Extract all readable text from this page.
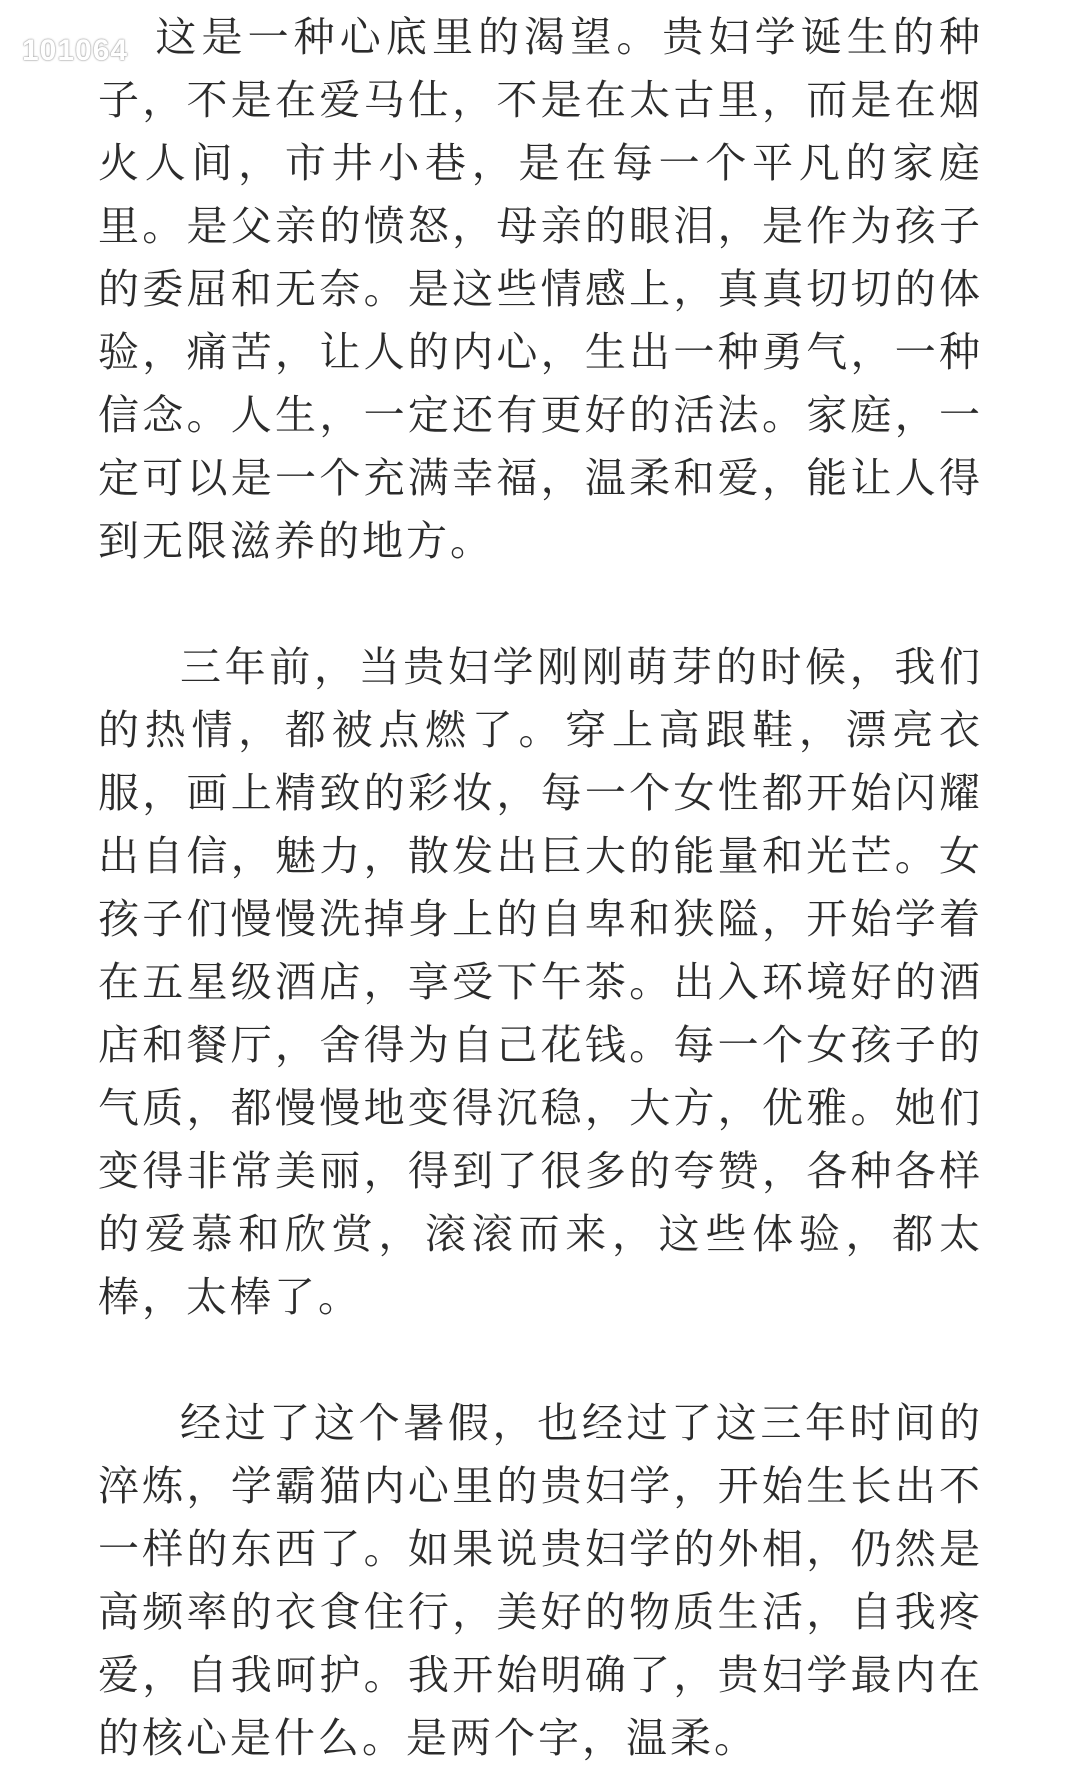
101064 这是一种心底里的渴望。贵妇学诞生的种子，不是在爱马仕，不是在太古里，而是在烟火人间，市井小巷，是在每一个平凡的家庭里。是父亲的愤怒，母亲的眼泪，是作为孩子的委屈和无奈。是这些情感上，真真切切的体验，痛苦，让人的内心，生出一种勇气，一种信念。人生，一定还有更好的活法。家庭，一定可以是一个充满幸福，温柔和爱，能让人得到无限滋养的地方。

三年前，当贵妇学刚刚萌芽的时候，我们的热情，都被点燃了。穿上高跟鞋，漂亮衣服，画上精致的彩妆，每一个女性都开始闪耀出自信，魅力，散发出巨大的能量和光芒。女孩子们慢慢洗掉身上的自卑和狭隘，开始学着在五星级酒店，享受下午茶。出入环境好的酒店和餐厅，舍得为自己花钱。每一个女孩子的气质，都慢慢地变得沉稳，大方，优雅。她们变得非常美丽，得到了很多的夸赞，各种各样的爱慕和欣赏，滚滚而来，这些体验，都太棒，太棒了。

经过了这个暑假，也经过了这三年时间的淬炼，学霸猫内心里的贵妇学，开始生长出不一样的东西了。如果说贵妇学的外相，仍然是高频率的衣食住行，美好的物质生活，自我疼爱，自我呵护。我开始明确了，贵妇学最内在的核心是什么。是两个字，温柔。
